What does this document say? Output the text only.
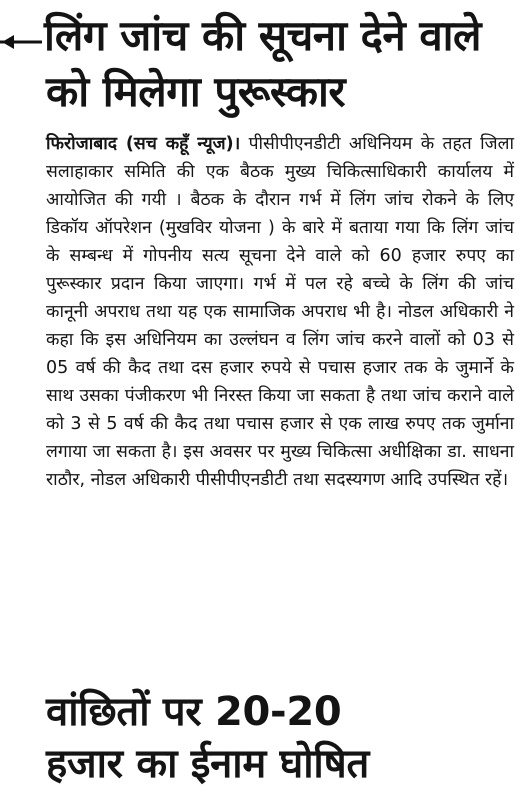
लिंग जांच की सूचना देने वाले
को मिलेगा पुरूस्कार

फिरोजाबाद (सच कहूँ न्यूज)। पीसीपीएनडीटी अधिनियम के तहत जिला सलाहाकार समिति की एक बैठक मुख्य चिकित्साधिकारी कार्यालय में आयोजित की गयी । बैठक के दौरान गर्भ में लिंग जांच रोकने के लिए डिकॉय ऑपरेशन (मुखविर योजना ) के बारे में बताया गया कि लिंग जांच के सम्बन्ध में गोपनीय सत्य सूचना देने वाले को 60 हजार रुपए का पुरूस्कार प्रदान किया जाएगा। गर्भ में पल रहे बच्चे के लिंग की जांच कानूनी अपराध तथा यह एक सामाजिक अपराध भी है। नोडल अधिकारी ने कहा कि इस अधिनियम का उल्लंघन व लिंग जांच करने वालों को 03 से 05 वर्ष की कैद तथा दस हजार रुपये से पचास हजार तक के जुमार्ने के साथ उसका पंजीकरण भी निरस्त किया जा सकता है तथा जांच कराने वाले को 3 से 5 वर्ष की कैद तथा पचास हजार से एक लाख रुपए तक जुर्माना लगाया जा सकता है। इस अवसर पर मुख्य चिकित्सा अधीक्षिका डा. साधना राठौर, नोडल अधिकारी पीसीपीएनडीटी तथा सदस्यगण आदि उपस्थित रहें।

वांछितों पर 20-20
हजार का ईनाम घोषित
